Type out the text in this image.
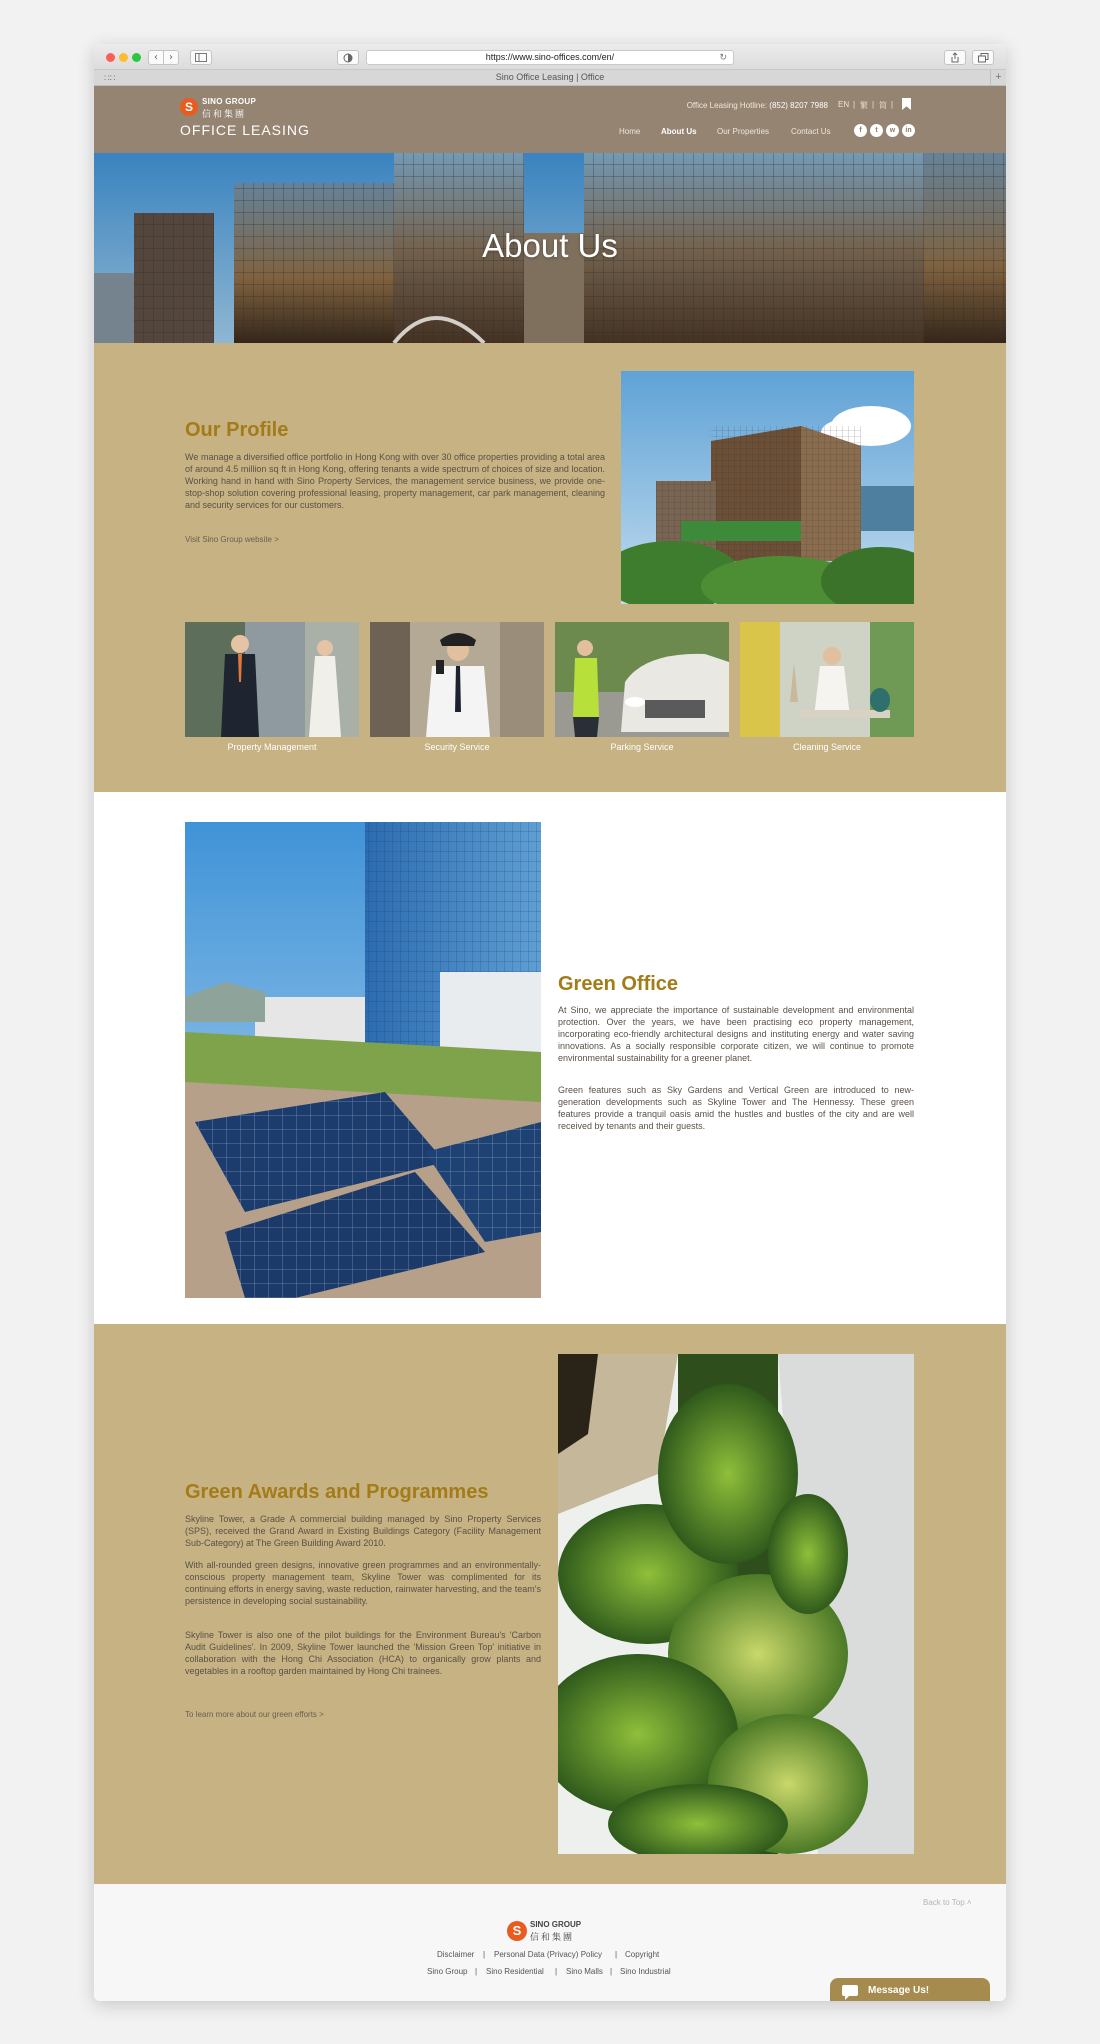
‹	›	https://www.sino-offices.com/en/	↻
∷∷	Sino Office Leasing | Office	+
S	SINO GROUP
信和集團
OFFICE LEASING
Office Leasing Hotline: (852) 8207 7988 EN | 繁 | 简 |
Home	About Us	Our Properties	Contact Us	f	t	w	in
About Us
Our Profile
We manage a diversified office portfolio in Hong Kong with over 30 office properties providing a total area of around 4.5 million sq ft in Hong Kong, offering tenants a wide spectrum of choices of size and location. Working hand in hand with Sino Property Services, the management service business, we provide one-stop-shop solution covering professional leasing, property management, car park management, cleaning and security services for our customers.
Visit Sino Group website >
Property Management	Security Service	Parking Service	Cleaning Service
Green Office
At Sino, we appreciate the importance of sustainable development and environmental protection. Over the years, we have been practising eco property management, incorporating eco-friendly architectural designs and instituting energy and water saving innovations. As a socially responsible corporate citizen, we will continue to promote environmental sustainability for a greener planet.
Green features such as Sky Gardens and Vertical Green are introduced to new-generation developments such as Skyline Tower and The Hennessy. These green features provide a tranquil oasis amid the hustles and bustles of the city and are well received by tenants and their guests.
Green Awards and Programmes
Skyline Tower, a Grade A commercial building managed by Sino Property Services (SPS), received the Grand Award in Existing Buildings Category (Facility Management Sub-Category) at The Green Building Award 2010.
With all-rounded green designs, innovative green programmes and an environmentally-conscious property management team, Skyline Tower was complimented for its continuing efforts in energy saving, waste reduction, rainwater harvesting, and the team's persistence in developing social sustainability.
Skyline Tower is also one of the pilot buildings for the Environment Bureau's 'Carbon Audit Guidelines'. In 2009, Skyline Tower launched the 'Mission Green Top' initiative in collaboration with the Hong Chi Association (HCA) to organically grow plants and vegetables in a rooftop garden maintained by Hong Chi trainees.
To learn more about our green efforts >
Back to Top ˄
S	SINO GROUP
信和集團
Disclaimer | Personal Data (Privacy) Policy | Copyright
Sino Group | Sino Residential | Sino Malls | Sino Industrial
Message Us!
